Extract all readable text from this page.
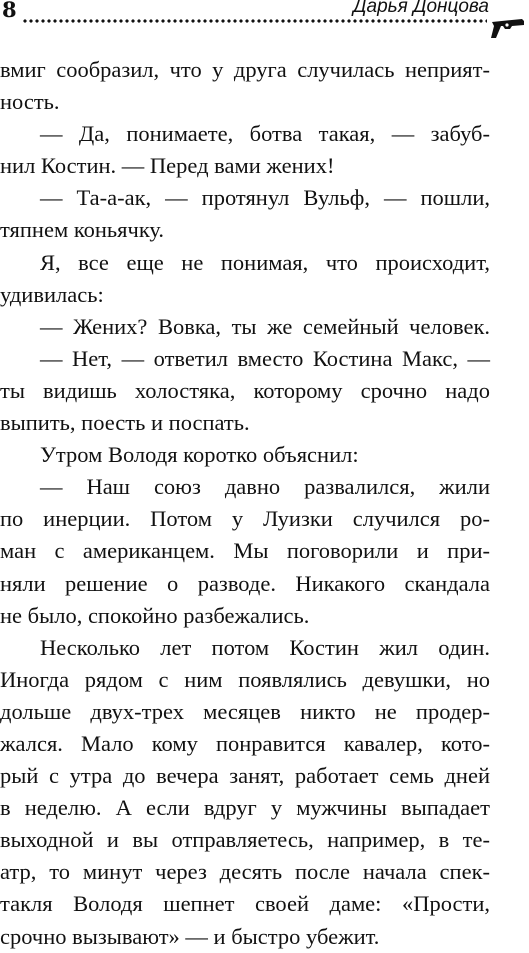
8	Дарья Донцова
вмиг сообразил, что у друга случилась неприят-
ность.
— Да, понимаете, ботва такая, — забуб-
нил Костин. — Перед вами жених!
— Та-а-ак, — протянул Вульф, — пошли,
тяпнем коньячку.
Я, все еще не понимая, что происходит,
удивилась:
— Жених? Вовка, ты же семейный человек.
— Нет, — ответил вместо Костина Макс, —
ты видишь холостяка, которому срочно надо
выпить, поесть и поспать.
Утром Володя коротко объяснил:
— Наш союз давно развалился, жили
по инерции. Потом у Луизки случился ро-
ман с американцем. Мы поговорили и при-
няли решение о разводе. Никакого скандала
не было, спокойно разбежались.
Несколько лет потом Костин жил один.
Иногда рядом с ним появлялись девушки, но
дольше двух-трех месяцев никто не продер-
жался. Мало кому понравится кавалер, кото-
рый с утра до вечера занят, работает семь дней
в неделю. А если вдруг у мужчины выпадает
выходной и вы отправляетесь, например, в те-
атр, то минут через десять после начала спек-
такля Володя шепнет своей даме: «Прости,
срочно вызывают» — и быстро убежит.
